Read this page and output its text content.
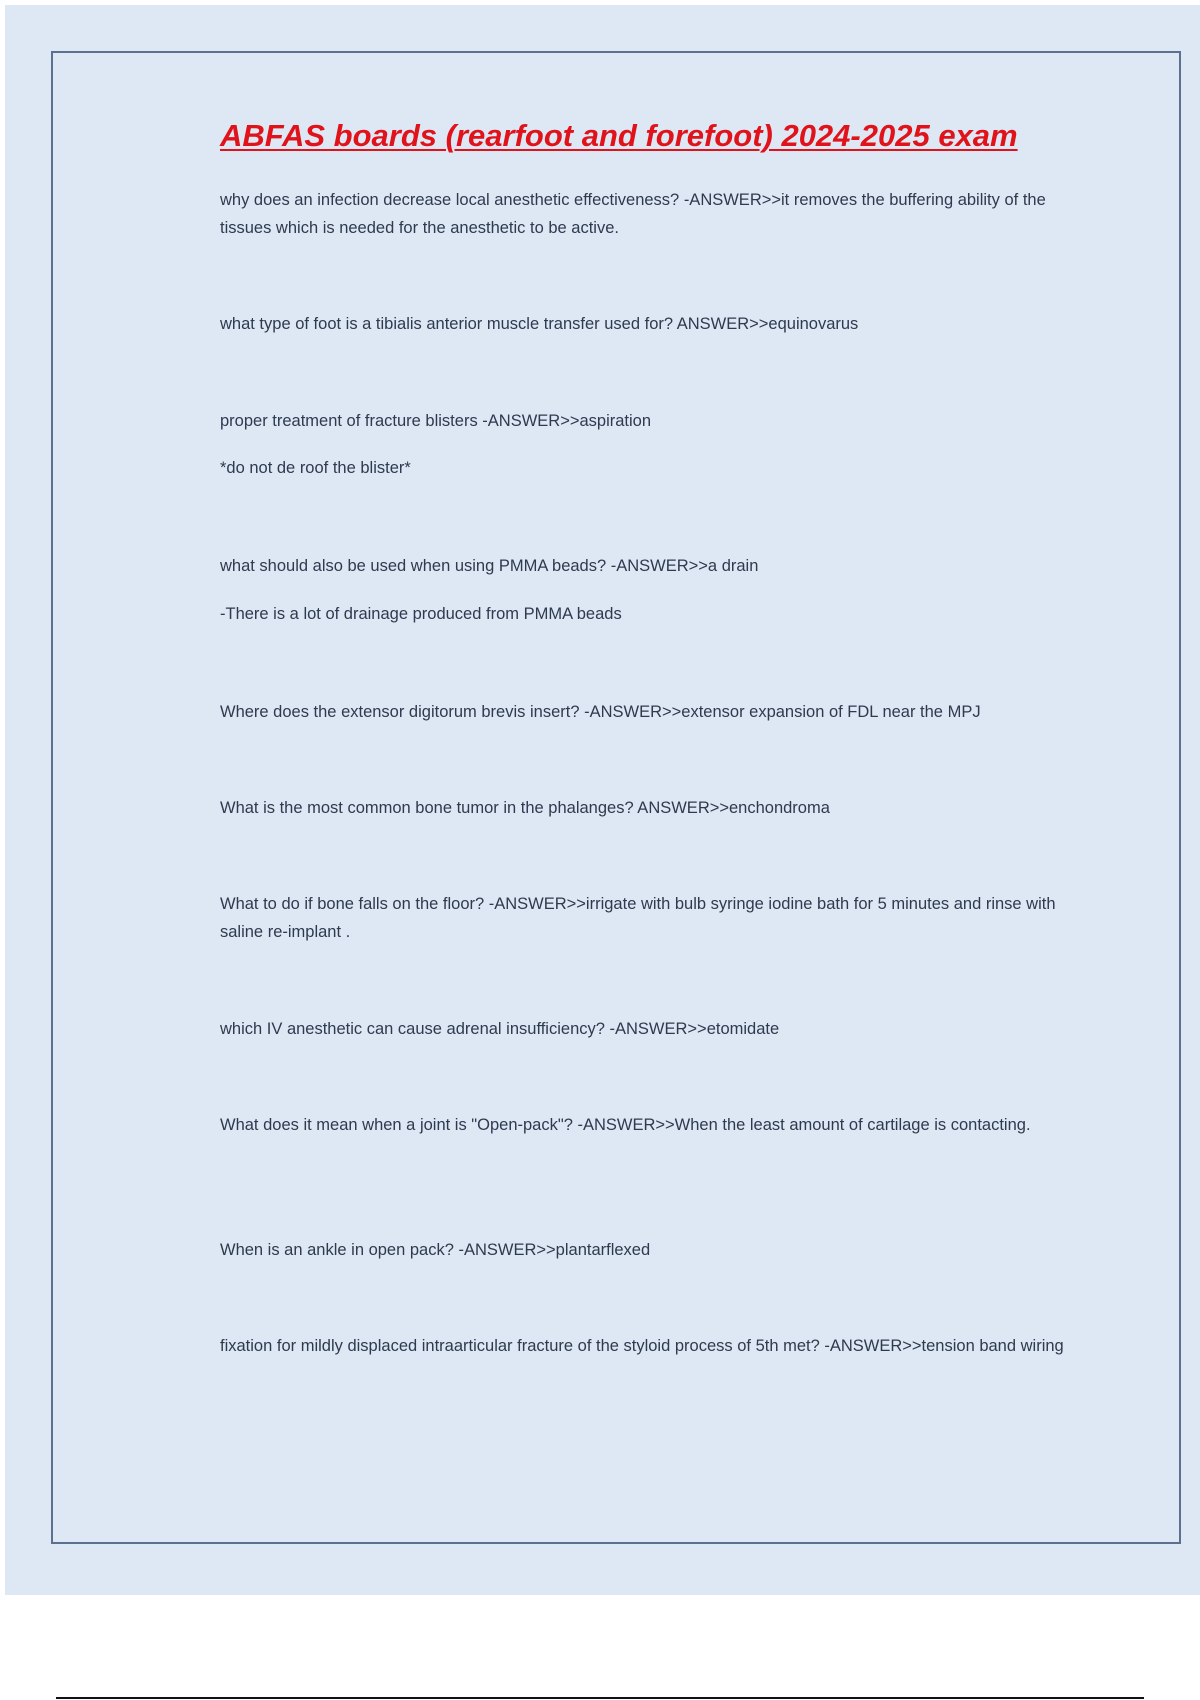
ABFAS boards (rearfoot and forefoot) 2024-2025 exam

why does an infection decrease local anesthetic effectiveness? -ANSWER>>it removes the buffering ability of the tissues which is needed for the anesthetic to be active.

what type of foot is a tibialis anterior muscle transfer used for? ANSWER>>equinovarus

proper treatment of fracture blisters -ANSWER>>aspiration

*do not de roof the blister*

what should also be used when using PMMA beads? -ANSWER>>a drain

-There is a lot of drainage produced from PMMA beads

Where does the extensor digitorum brevis insert? -ANSWER>>extensor expansion of FDL near the MPJ

What is the most common bone tumor in the phalanges? ANSWER>>enchondroma

What to do if bone falls on the floor? -ANSWER>>irrigate with bulb syringe iodine bath for 5 minutes and rinse with saline re-implant .

which IV anesthetic can cause adrenal insufficiency? -ANSWER>>etomidate

What does it mean when a joint is "Open-pack"? -ANSWER>>When the least amount of cartilage is contacting.

When is an ankle in open pack? -ANSWER>>plantarflexed

fixation for mildly displaced intraarticular fracture of the styloid process of 5th met? -ANSWER>>tension band wiring
